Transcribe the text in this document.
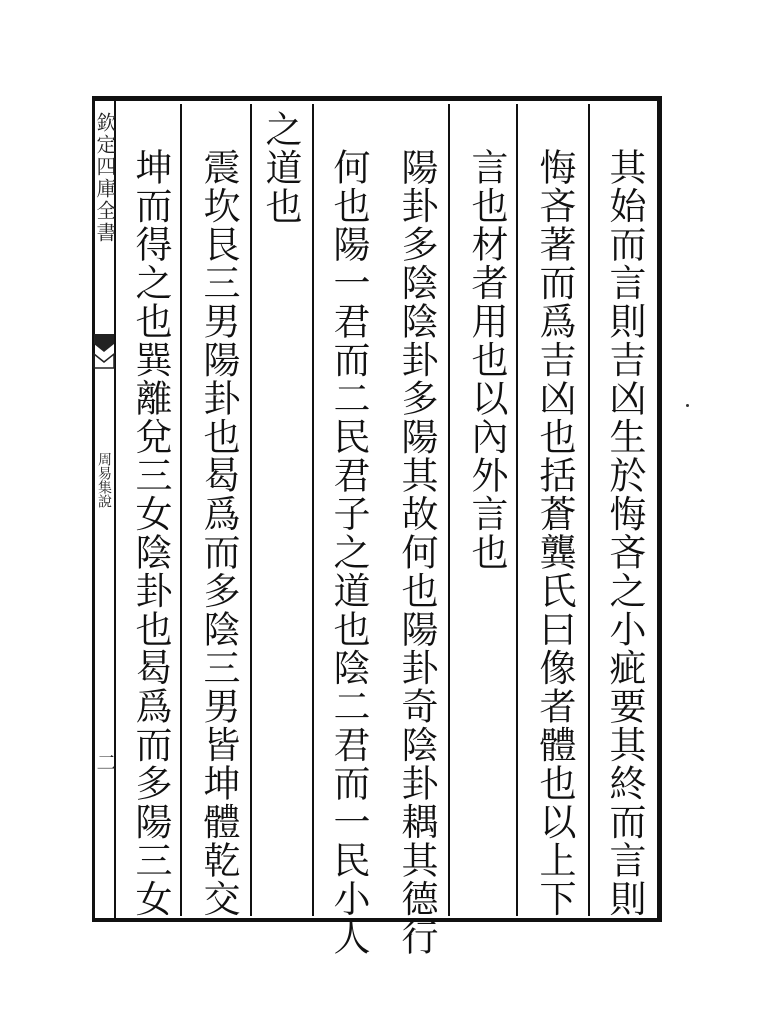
欽定四庫全書
周易集說
二	其始而言則吉凶生於悔吝之小疵要其終而言則
悔吝著而爲吉凶也括蒼龔氏曰像者體也以上下
言也材者用也以內外言也
陽卦多陰陰卦多陽其故何也陽卦奇陰卦耦其德行
何也陽一君而二民君子之道也陰二君而一民小人
之道也
震坎艮三男陽卦也曷爲而多陰三男皆坤體乾交
坤而得之也巽離兌三女陰卦也曷爲而多陽三女
